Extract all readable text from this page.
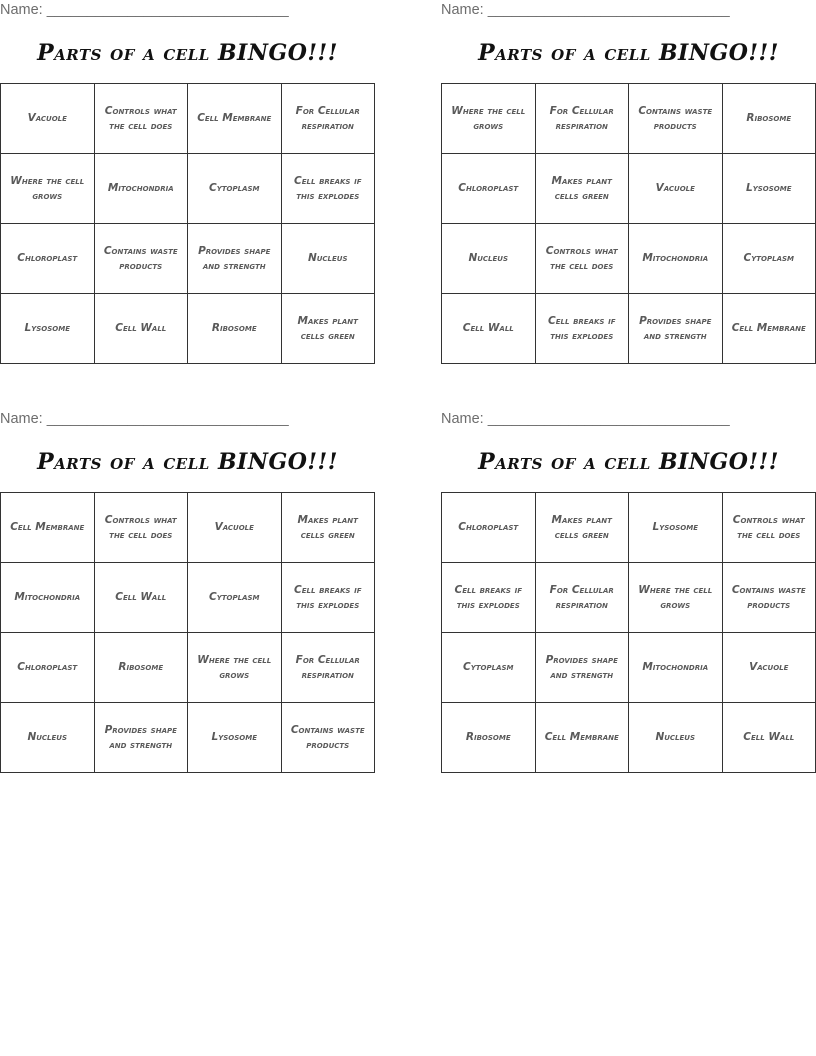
Name: ______________________________
Parts of a cell BINGO!!!
Vacuole	Controls what the cell does	Cell Membrane	For Cellular respiration
Where the cell grows	Mitochondria	Cytoplasm	Cell breaks if this explodes
Chloroplast	Contains waste products	Provides shape and strength	Nucleus
Lysosome	Cell Wall	Ribosome	Makes plant cells green
Name: ______________________________
Parts of a cell BINGO!!!
Where the cell grows	For Cellular respiration	Contains waste products	Ribosome
Chloroplast	Makes plant cells green	Vacuole	Lysosome
Nucleus	Controls what the cell does	Mitochondria	Cytoplasm
Cell Wall	Cell breaks if this explodes	Provides shape and strength	Cell Membrane
Name: ______________________________
Parts of a cell BINGO!!!
Cell Membrane	Controls what the cell does	Vacuole	Makes plant cells green
Mitochondria	Cell Wall	Cytoplasm	Cell breaks if this explodes
Chloroplast	Ribosome	Where the cell grows	For Cellular respiration
Nucleus	Provides shape and strength	Lysosome	Contains waste products
Name: ______________________________
Parts of a cell BINGO!!!
Chloroplast	Makes plant cells green	Lysosome	Controls what the cell does
Cell breaks if this explodes	For Cellular respiration	Where the cell grows	Contains waste products
Cytoplasm	Provides shape and strength	Mitochondria	Vacuole
Ribosome	Cell Membrane	Nucleus	Cell Wall
